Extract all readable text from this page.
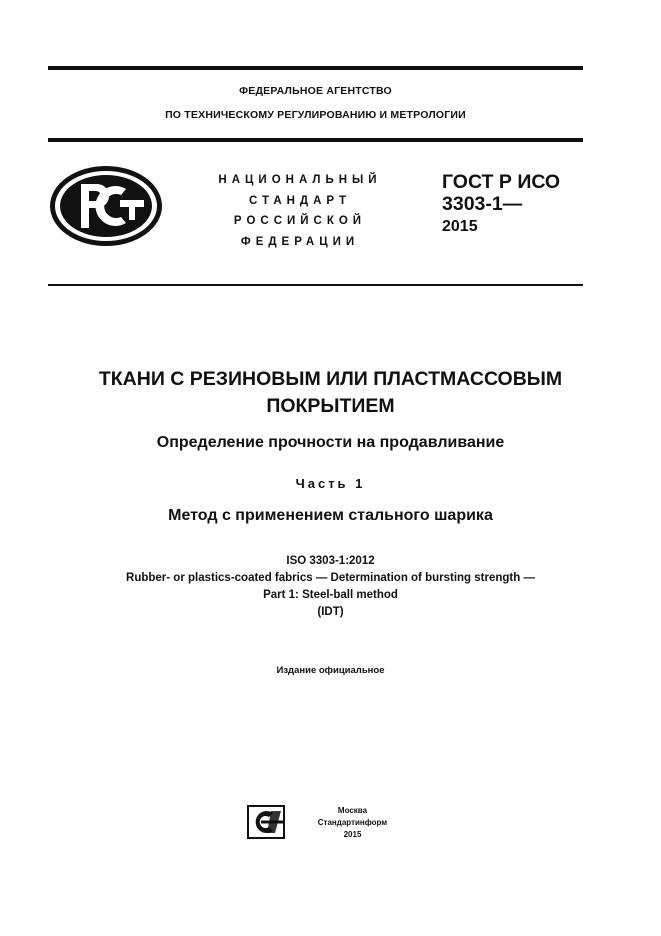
ФЕДЕРАЛЬНОЕ АГЕНТСТВО
ПО ТЕХНИЧЕСКОМУ РЕГУЛИРОВАНИЮ И МЕТРОЛОГИИ
НАЦИОНАЛЬНЫЙ
СТАНДАРТ
РОССИЙСКОЙ
ФЕДЕРАЦИИ
ГОСТ Р ИСО
3303-1—
2015
ТКАНИ С РЕЗИНОВЫМ ИЛИ ПЛАСТМАССОВЫМ
ПОКРЫТИЕМ
Определение прочности на продавливание
Часть 1
Метод с применением стального шарика
ISO 3303-1:2012
Rubber- or plastics-coated fabrics — Determination of bursting strength —
Part 1: Steel-ball method
(IDT)
Издание официальное
Москва
Стандартинформ
2015
